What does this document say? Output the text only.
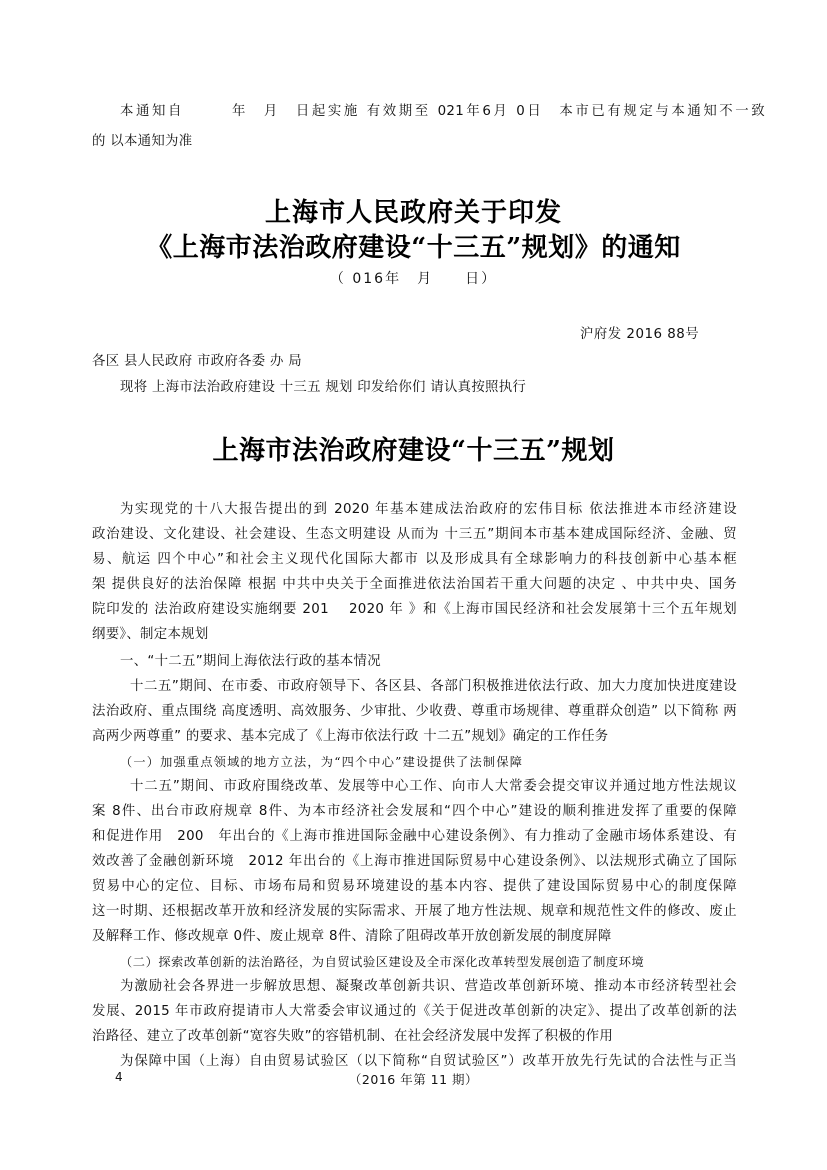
本通知自　　　年　月　日起实施 有效期至 021年6月 0日　本市已有规定与本通知不一致
的 以本通知为准
上海市人民政府关于印发
《上海市法治政府建设“十三五”规划》的通知
（ 016年　月　　日）
沪府发 2016 88号
各区 县人民政府 市政府各委 办 局
现将 上海市法治政府建设 十三五 规划 印发给你们 请认真按照执行
上海市法治政府建设“十三五”规划
为实现党的十八大报告提出的到 2020 年基本建成法治政府的宏伟目标 依法推进本市经济建设
政治建设、文化建设、社会建设、生态文明建设 从而为 十三五”期间本市基本建成国际经济、金融、贸
易、航运 四个中心”和社会主义现代化国际大都市 以及形成具有全球影响力的科技创新中心基本框
架 提供良好的法治保障 根据 中共中央关于全面推进依法治国若干重大问题的决定 、中共中央、国务
院印发的 法治政府建设实施纲要 201　 2020 年 》和《上海市国民经济和社会发展第十三个五年规划
纲要》、制定本规划
一、“十二五”期间上海依法行政的基本情况
十二五”期间、在市委、市政府领导下、各区县、各部门积极推进依法行政、加大力度加快进度建设
法治政府、重点围绕 高度透明、高效服务、少审批、少收费、尊重市场规律、尊重群众创造” 以下简称 两
高两少两尊重” 的要求、基本完成了《上海市依法行政 十二五”规划》确定的工作任务
（一）加强重点领域的地方立法，为“四个中心”建设提供了法制保障
十二五”期间、市政府围绕改革、发展等中心工作、向市人大常委会提交审议并通过地方性法规议
案 8件、出台市政府规章 8件、为本市经济社会发展和“四个中心”建设的顺利推进发挥了重要的保障
和促进作用　200　年出台的《上海市推进国际金融中心建设条例》、有力推动了金融市场体系建设、有
效改善了金融创新环境　2012 年出台的《上海市推进国际贸易中心建设条例》、以法规形式确立了国际
贸易中心的定位、目标、市场布局和贸易环境建设的基本内容、提供了建设国际贸易中心的制度保障
这一时期、还根据改革开放和经济发展的实际需求、开展了地方性法规、规章和规范性文件的修改、废止
及解释工作、修改规章 0件、废止规章 8件、清除了阻碍改革开放创新发展的制度屏障
（二）探索改革创新的法治路径，为自贸试验区建设及全市深化改革转型发展创造了制度环境
为激励社会各界进一步解放思想、凝聚改革创新共识、营造改革创新环境、推动本市经济转型社会
发展、2015 年市政府提请市人大常委会审议通过的《关于促进改革创新的决定》、提出了改革创新的法
治路径、建立了改革创新“宽容失败”的容错机制、在社会经济发展中发挥了积极的作用
为保障中国（上海）自由贸易试验区（以下简称“自贸试验区”）改革开放先行先试的合法性与正当
4	（2016 年第 11 期）
